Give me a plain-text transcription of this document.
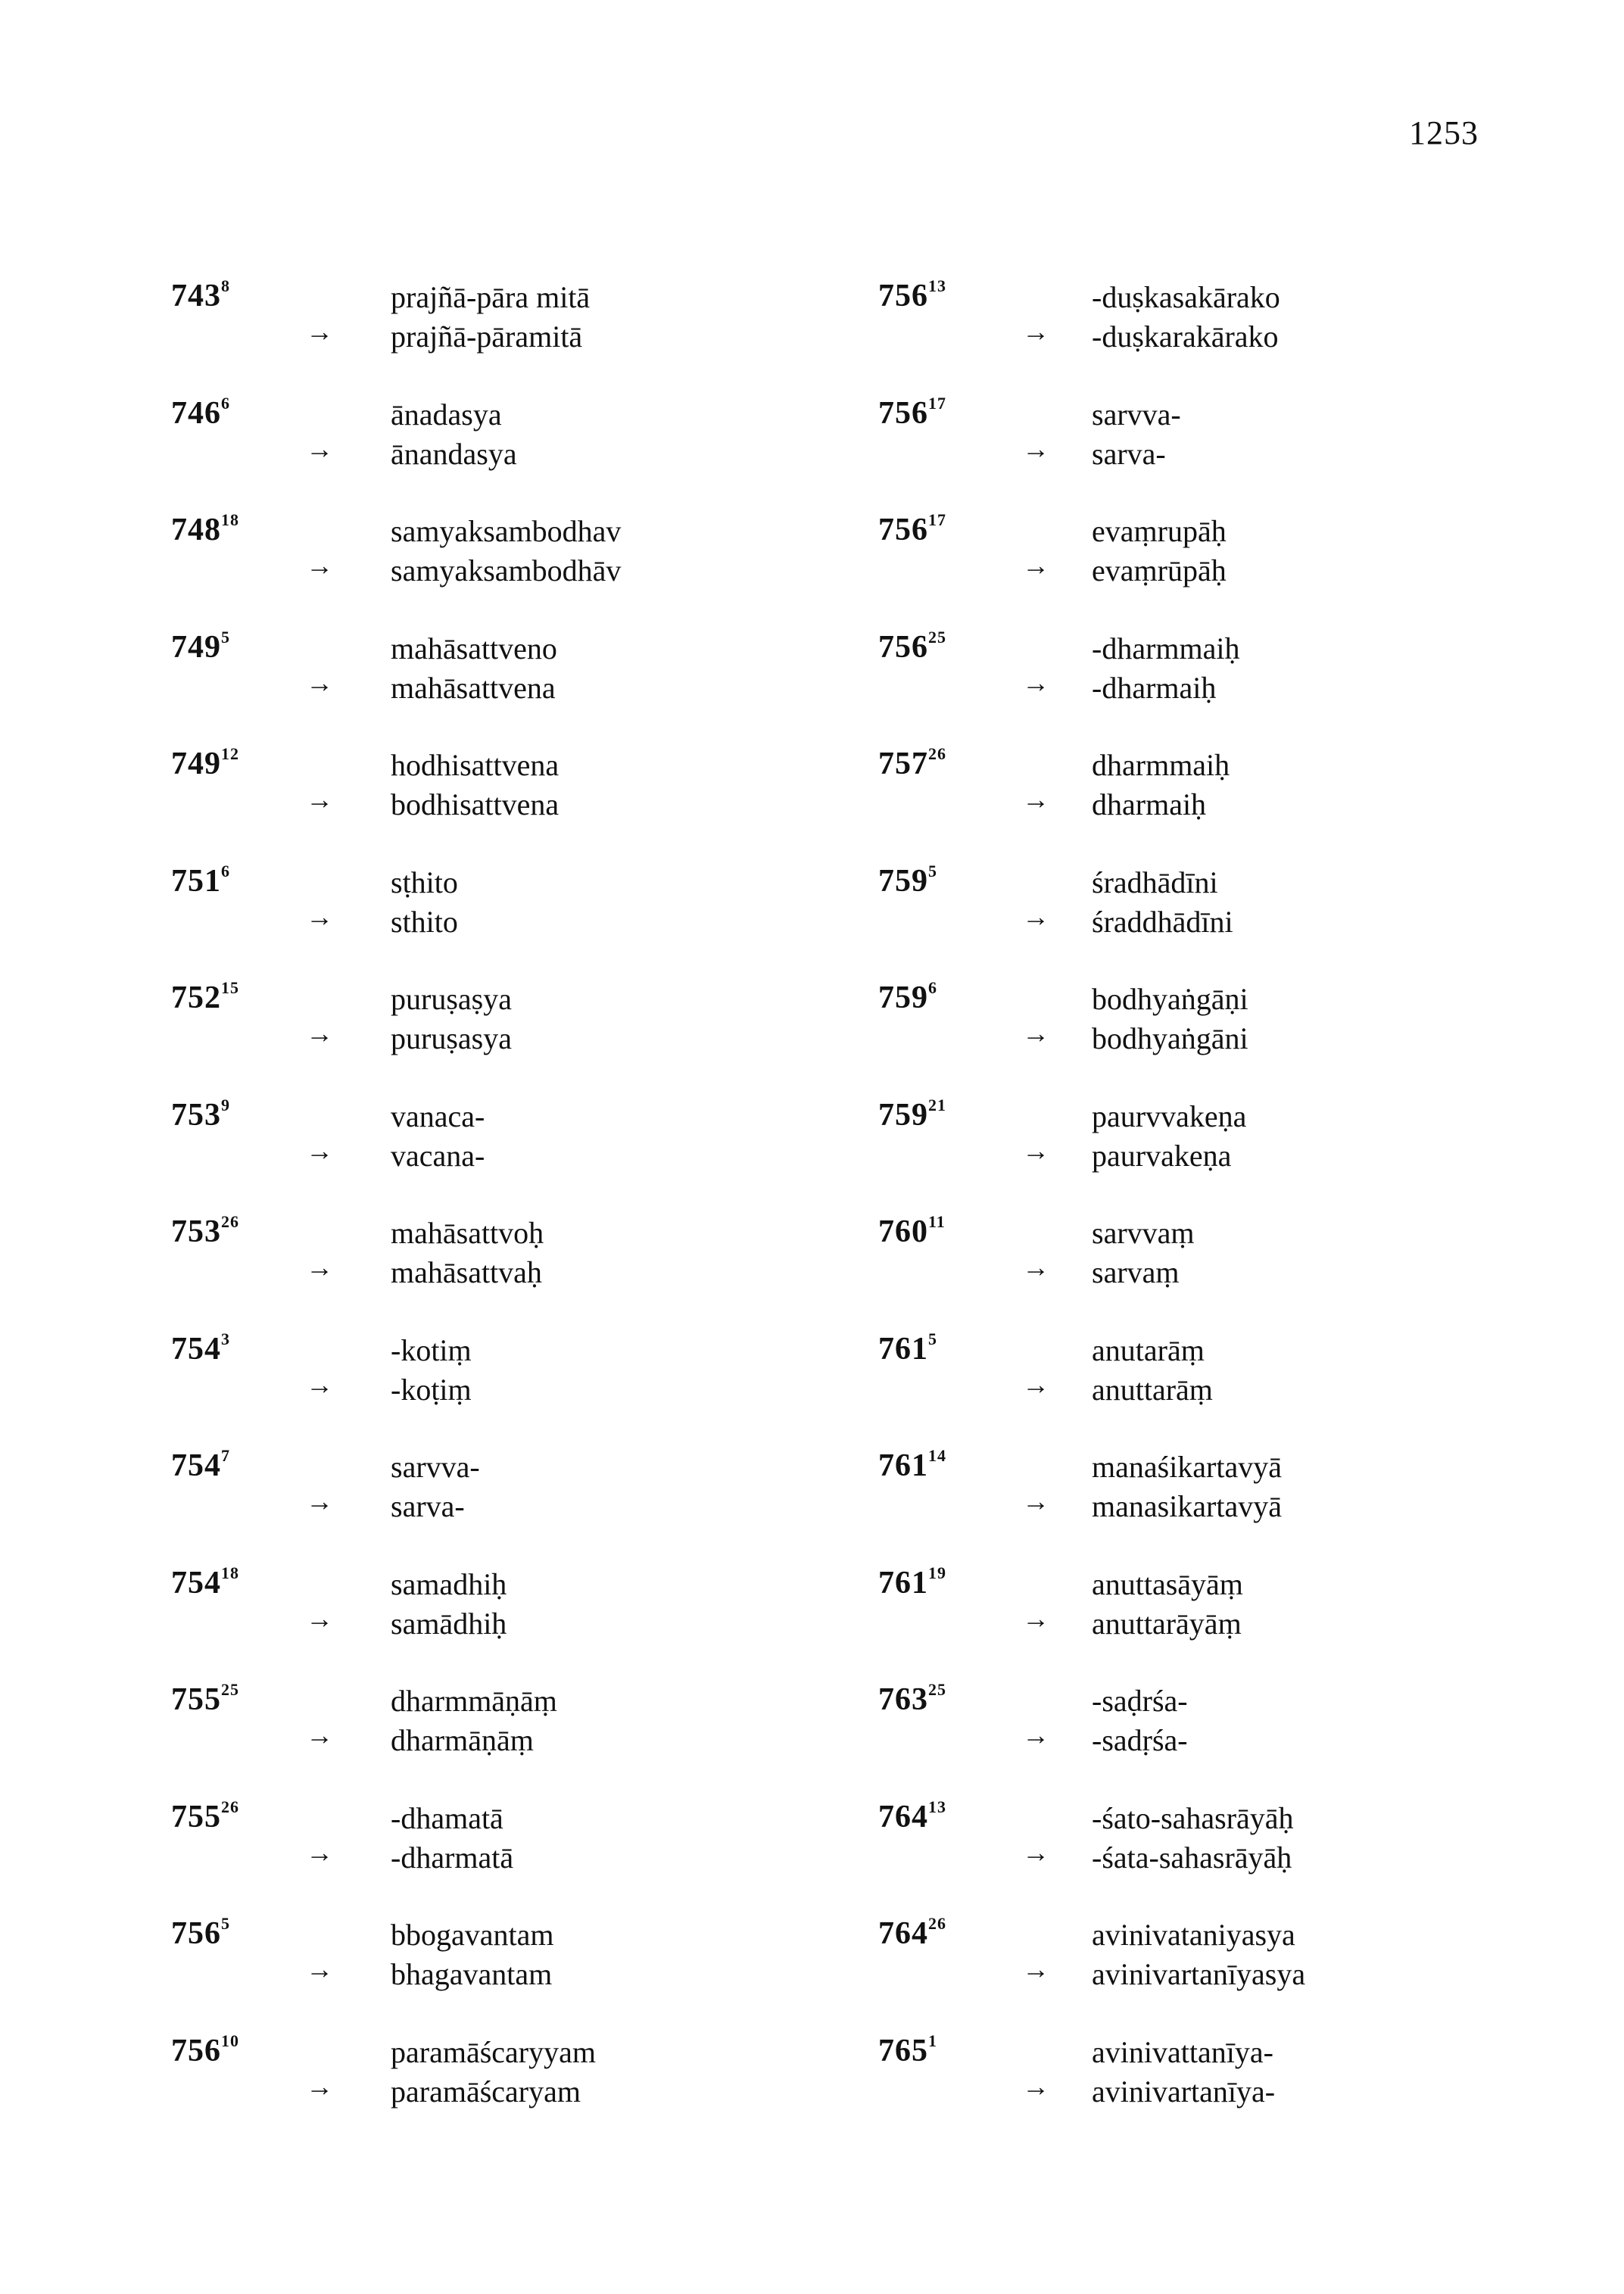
1253
$743^8$	prajñā-pāra mitā
→ prajñā-pāramitā
$746^6$	ānadasya
→ ānandasya
$748^{18}$	samyaksambodhav
→ samyaksambodhāv
$749^5$	mahāsattveno
→ mahāsattvena
$749^{12}$	hodhisattvena
→ bodhisattvena
$751^6$	sṭhito
→ sthito
$752^{15}$	puruṣaṣya
→ puruṣasya
$753^9$	vanaca-
→ vacana-
$753^{26}$	mahāsattvoḥ
→ mahāsattvaḥ
$754^3$	-kotiṃ
→ -koṭiṃ
$754^7$	sarvva-
→ sarva-
$754^{18}$	samadhiḥ
→ samādhiḥ
$755^{25}$	dharmmāṇāṃ
→ dharmāṇāṃ
$755^{26}$	-dhamatā
→ -dharmatā
$756^5$	bbogavantam
→ bhagavantam
$756^{10}$	paramāścaryyam
→ paramāścaryam
$756^{13}$	-duṣkasakārako
→ -duṣkarakārako
$756^{17}$	sarvva-
→ sarva-
$756^{17}$	evaṃrupāḥ
→ evaṃrūpāḥ
$756^{25}$	-dharmmaiḥ
→ -dharmaiḥ
$757^{26}$	dharmmaiḥ
→ dharmaiḥ
$759^5$	śradhādīni
→ śraddhādīni
$759^6$	bodhyaṅgāṇi
→ bodhyaṅgāni
$759^{21}$	paurvvakeṇa
→ paurvakeṇa
$760^{11}$	sarvvaṃ
→ sarvaṃ
$761^5$	anutarāṃ
→ anuttarāṃ
$761^{14}$	manaśikartavyā
→ manasikartavyā
$761^{19}$	anuttasāyāṃ
→ anuttarāyāṃ
$763^{25}$	-saḍrśa-
→ -sadṛśa-
$764^{13}$	-śato-sahasrāyāḥ
→ -śata-sahasrāyāḥ
$764^{26}$	avinivataniyasya
→ avinivartanīyasya
$765^1$	avinivattanīya-
→ avinivartanīya-
